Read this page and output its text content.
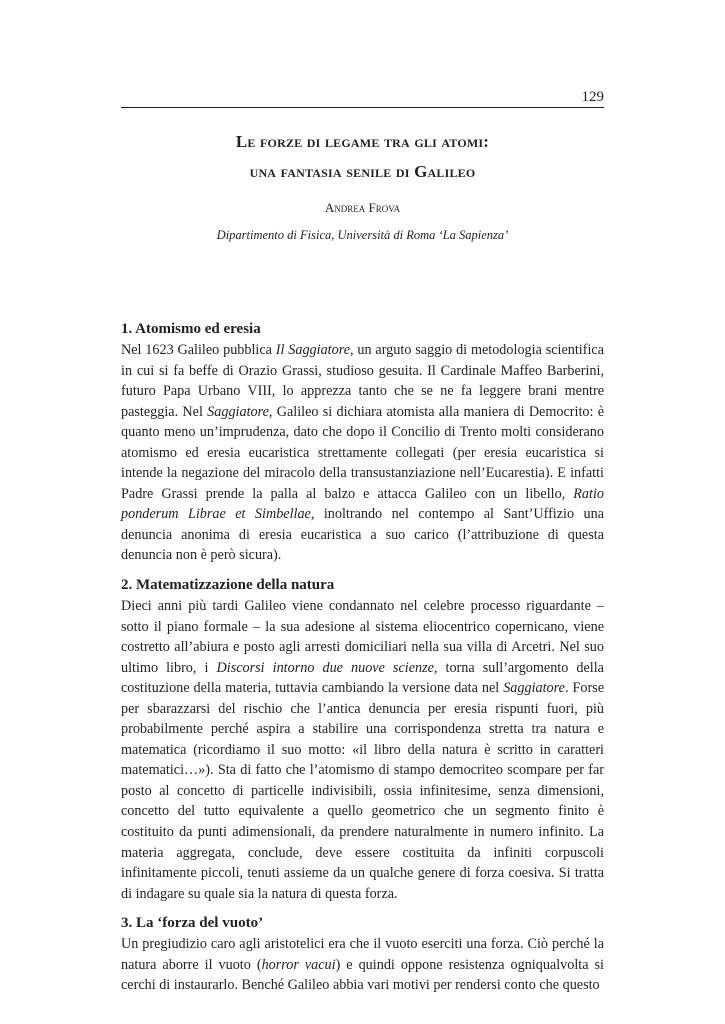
129
Le forze di legame tra gli atomi:
una fantasia senile di Galileo
Andrea Frova
Dipartimento di Fisica, Università di Roma ‘La Sapienza’
1. Atomismo ed eresia

Nel 1623 Galileo pubblica Il Saggiatore, un arguto saggio di metodologia scientifica in cui si fa beffe di Orazio Grassi, studioso gesuita. Il Cardinale Maffeo Barberini, futuro Papa Urbano VIII, lo apprezza tanto che se ne fa leggere brani mentre pasteggia. Nel Saggiatore, Galileo si dichiara atomista alla maniera di Democrito: è quanto meno un’imprudenza, dato che dopo il Concilio di Trento molti considerano atomismo ed eresia eucaristica strettamente collegati (per eresia eucaristica si intende la negazione del miracolo della transustanziazione nell’Eucarestia). E infatti Padre Grassi prende la palla al balzo e attacca Galileo con un libello, Ratio ponderum Librae et Simbellae, inoltrando nel contempo al Sant’Uffizio una denuncia anonima di eresia eucaristica a suo carico (l’attribuzione di questa denuncia non è però sicura).

2. Matematizzazione della natura

Dieci anni più tardi Galileo viene condannato nel celebre processo riguardante – sotto il piano formale – la sua adesione al sistema eliocentrico copernicano, viene costretto all’abiura e posto agli arresti domiciliari nella sua villa di Arcetri. Nel suo ultimo libro, i Discorsi intorno due nuove scienze, torna sull’argomento della costituzione della materia, tuttavia cambiando la versione data nel Saggiatore. Forse per sbarazzarsi del rischio che l’antica denuncia per eresia rispunti fuori, più probabilmente perché aspira a stabilire una corrispondenza stretta tra natura e matematica (ricordiamo il suo motto: «il libro della natura è scritto in caratteri matematici…»). Sta di fatto che l’atomismo di stampo democriteo scompare per far posto al concetto di particelle indivisibili, ossia infinitesime, senza dimensioni, concetto del tutto equivalente a quello geometrico che un segmento finito è costituito da punti adimensionali, da prendere naturalmente in numero infinito. La materia aggregata, conclude, deve essere costituita da infiniti corpuscoli infinitamente piccoli, tenuti assieme da un qualche genere di forza coesiva. Si tratta di indagare su quale sia la natura di questa forza.

3. La ‘forza del vuoto’

Un pregiudizio caro agli aristotelici era che il vuoto eserciti una forza. Ciò perché la natura aborre il vuoto (horror vacui) e quindi oppone resistenza ogniqualvolta si cerchi di instaurarlo. Benché Galileo abbia vari motivi per rendersi conto che questo
